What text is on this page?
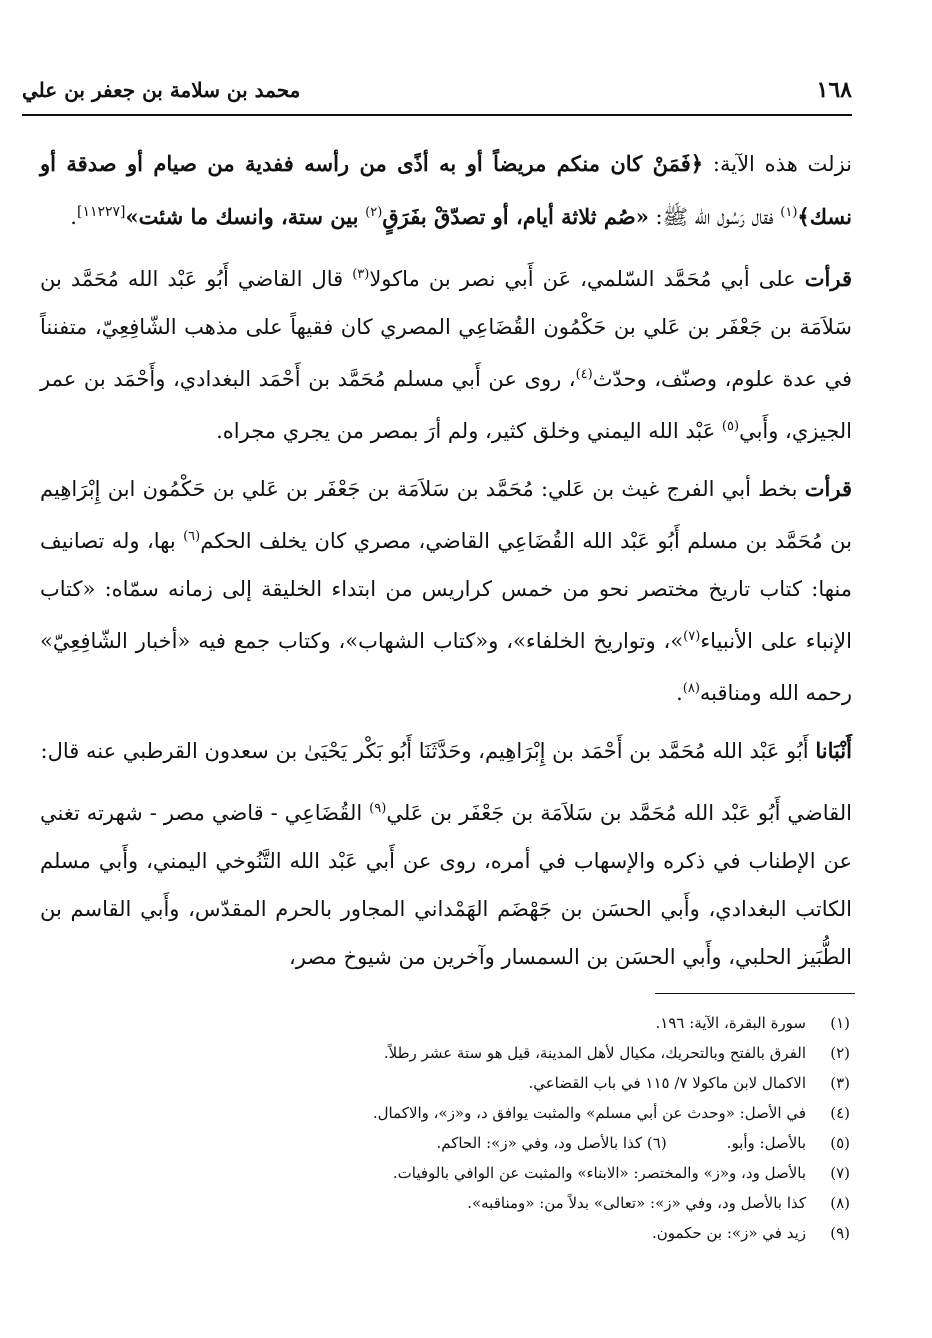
١٦٨
محمد بن سلامة بن جعفر بن علي

نزلت هذه الآية: ﴿فَمَنْ كان منكم مريضاً أو به أذًى من رأسه ففدية من صيام أو صدقة أو نسك﴾$^{(١)}$ فقال رَسُول الله ﷺ: «صُم ثلاثة أيام، أو تصدّقْ بفَرَقٍ$^{(٢)}$ بين ستة، وانسك ما شئت»[١١٢٢٧].

قرأت على أبي مُحَمَّد السّلمي، عَن أَبي نصر بن ماكولا$^{(٣)}$ قال القاضي أَبُو عَبْد الله مُحَمَّد بن سَلاَمَة بن جَعْفَر بن عَلي بن حَكْمُون القُضَاعِي المصري كان فقيهاً على مذهب الشّافِعِيّ، متفنناً في عدة علوم، وصنّف، وحدّث$^{(٤)}$، روى عن أَبي مسلم مُحَمَّد بن أَحْمَد البغدادي، وأَحْمَد بن عمر الجيزي، وأَبي$^{(٥)}$ عَبْد الله اليمني وخلق كثير، ولم أرَ بمصر من يجري مجراه.

قرأت بخط أبي الفرج غيث بن عَلي: مُحَمَّد بن سَلاَمَة بن جَعْفَر بن عَلي بن حَكْمُون ابن إِبْرَاهِيم بن مُحَمَّد بن مسلم أَبُو عَبْد الله القُضَاعِي القاضي، مصري كان يخلف الحكم$^{(٦)}$ بها، وله تصانيف منها: كتاب تاريخ مختصر نحو من خمس كراريس من ابتداء الخليقة إلى زمانه سمّاه: «كتاب الإنباء على الأنبياء$^{(٧)}$»، وتواريخ الخلفاء»، و«كتاب الشهاب»، وكتاب جمع فيه «أخبار الشّافِعِيّ» رحمه الله ومناقبه$^{(٨)}$.

أَنْبَانا أَبُو عَبْد الله مُحَمَّد بن أَحْمَد بن إِبْرَاهِيم، وحَدَّثَنَا أَبُو بَكْر يَحْيَىٰ بن سعدون القرطبي عنه قال:

القاضي أَبُو عَبْد الله مُحَمَّد بن سَلاَمَة بن جَعْفَر بن عَلي$^{(٩)}$ القُضَاعِي - قاضي مصر - شهرته تغني عن الإطناب في ذكره والإسهاب في أمره، روى عن أَبي عَبْد الله التَّنُوخي اليمني، وأَبي مسلم الكاتب البغدادي، وأَبي الحسَن بن جَهْضَم الهَمْداني المجاور بالحرم المقدّس، وأَبي القاسم بن الطُّبَيز الحلبي، وأَبي الحسَن بن السمسار وآخرين من شيوخ مصر،

(١)
سورة البقرة، الآية: ١٩٦.
(٢)
الفرق بالفتح وبالتحريك، مكيال لأهل المدينة، قيل هو ستة عشر رطلاً.
(٣)
الاكمال لابن ماكولا ٧/ ١١٥ في باب القضاعي.
(٤)
في الأصل: «وحدث عن أبي مسلم» والمثبت يوافق د، و«ز»، والاكمال.
(٥)
بالأصل: وأبو.
(٦) كذا بالأصل ود، وفي «ز»: الحاكم.
(٧)
بالأصل ود، و«ز» والمختصر: «الابناء» والمثبت عن الوافي بالوفيات.
(٨)
كذا بالأصل ود، وفي «ز»: «تعالى» بدلاً من: «ومناقبه».
(٩)
زيد في «ز»: بن حكمون.
